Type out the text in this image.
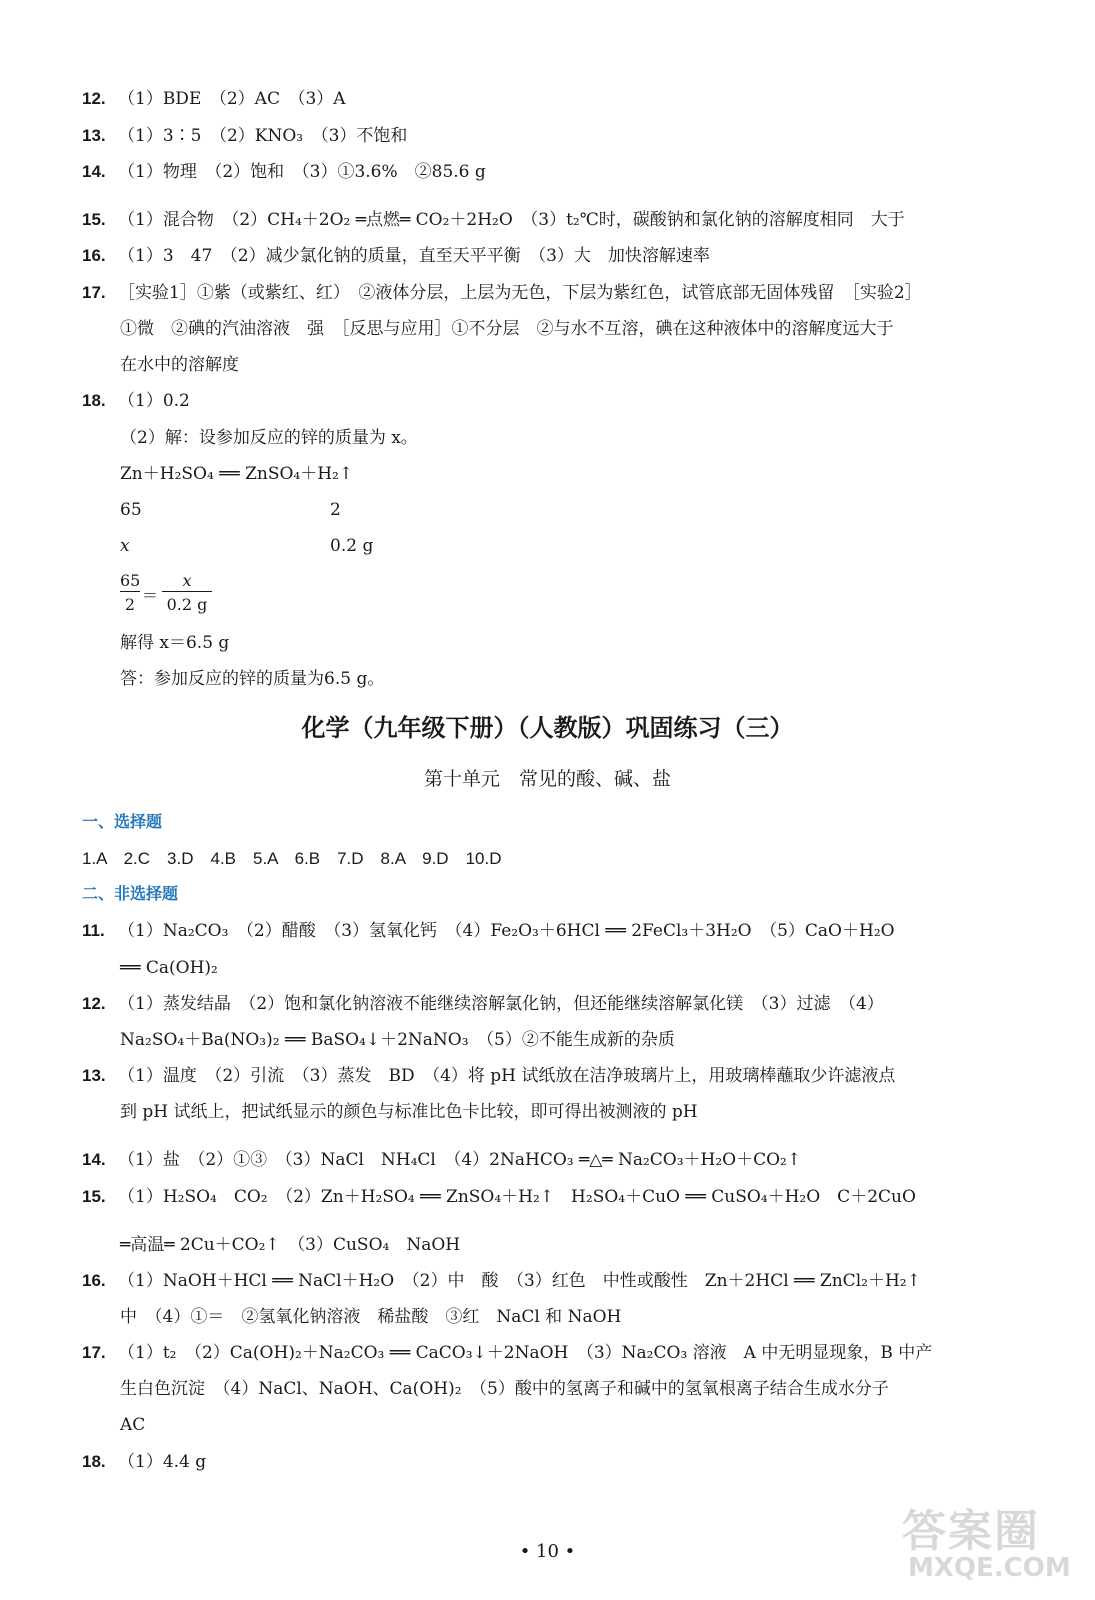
12. （1）BDE　（2）AC　（3）A
13. （1）3∶5　（2）KNO₃　（3）不饱和
14. （1）物理　（2）饱和　（3）①3.6%　②85.6 g
15. （1）混合物　（2）CH₄＋2O₂ ═点燃═ CO₂＋2H₂O　（3）t₂℃时，碳酸钠和氯化钠的溶解度相同　大于
16. （1）3　47　（2）减少氯化钠的质量，直至天平平衡　（3）大　加快溶解速率
17. ［实验1］①紫（或紫红、红）　②液体分层，上层为无色，下层为紫红色，试管底部无固体残留　［实验2］
①微　②碘的汽油溶液　强　［反思与应用］①不分层　②与水不互溶，碘在这种液体中的溶解度远大于
在水中的溶解度
18. （1）0.2
（2）解：设参加反应的锌的质量为 x。
Zn＋H₂SO₄ ══ ZnSO₄＋H₂↑
65	2
x	0.2 g
65
2 ＝
x
0.2 g
解得 x＝6.5 g
答：参加反应的锌的质量为6.5 g。
化学（九年级下册）（人教版）巩固练习（三）
第十单元　常见的酸、碱、盐
一、选择题
1.A　2.C　3.D　4.B　5.A　6.B　7.D　8.A　9.D　10.D
二、非选择题
11. （1）Na₂CO₃　（2）醋酸　（3）氢氧化钙　（4）Fe₂O₃＋6HCl ══ 2FeCl₃＋3H₂O　（5）CaO＋H₂O
══ Ca(OH)₂
12. （1）蒸发结晶　（2）饱和氯化钠溶液不能继续溶解氯化钠，但还能继续溶解氯化镁　（3）过滤　（4）
Na₂SO₄＋Ba(NO₃)₂ ══ BaSO₄↓＋2NaNO₃　（5）②不能生成新的杂质
13. （1）温度　（2）引流　（3）蒸发　BD　（4）将 pH 试纸放在洁净玻璃片上，用玻璃棒蘸取少许滤液点
到 pH 试纸上，把试纸显示的颜色与标准比色卡比较，即可得出被测液的 pH
14. （1）盐　（2）①③　（3）NaCl　NH₄Cl　（4）2NaHCO₃ ═△═ Na₂CO₃＋H₂O＋CO₂↑
15. （1）H₂SO₄　CO₂　（2）Zn＋H₂SO₄ ══ ZnSO₄＋H₂↑　H₂SO₄＋CuO ══ CuSO₄＋H₂O　C＋2CuO
═高温═ 2Cu＋CO₂↑　（3）CuSO₄　NaOH
16. （1）NaOH＋HCl ══ NaCl＋H₂O　（2）中　酸　（3）红色　中性或酸性　Zn＋2HCl ══ ZnCl₂＋H₂↑
中　（4）①＝　②氢氧化钠溶液　稀盐酸　③红　NaCl 和 NaOH
17. （1）t₂　（2）Ca(OH)₂＋Na₂CO₃ ══ CaCO₃↓＋2NaOH　（3）Na₂CO₃ 溶液　A 中无明显现象，B 中产
生白色沉淀　（4）NaCl、NaOH、Ca(OH)₂　（5）酸中的氢离子和碱中的氢氧根离子结合生成水分子
AC
18. （1）4.4 g
• 10 •	答案圈
MXQE.COM
